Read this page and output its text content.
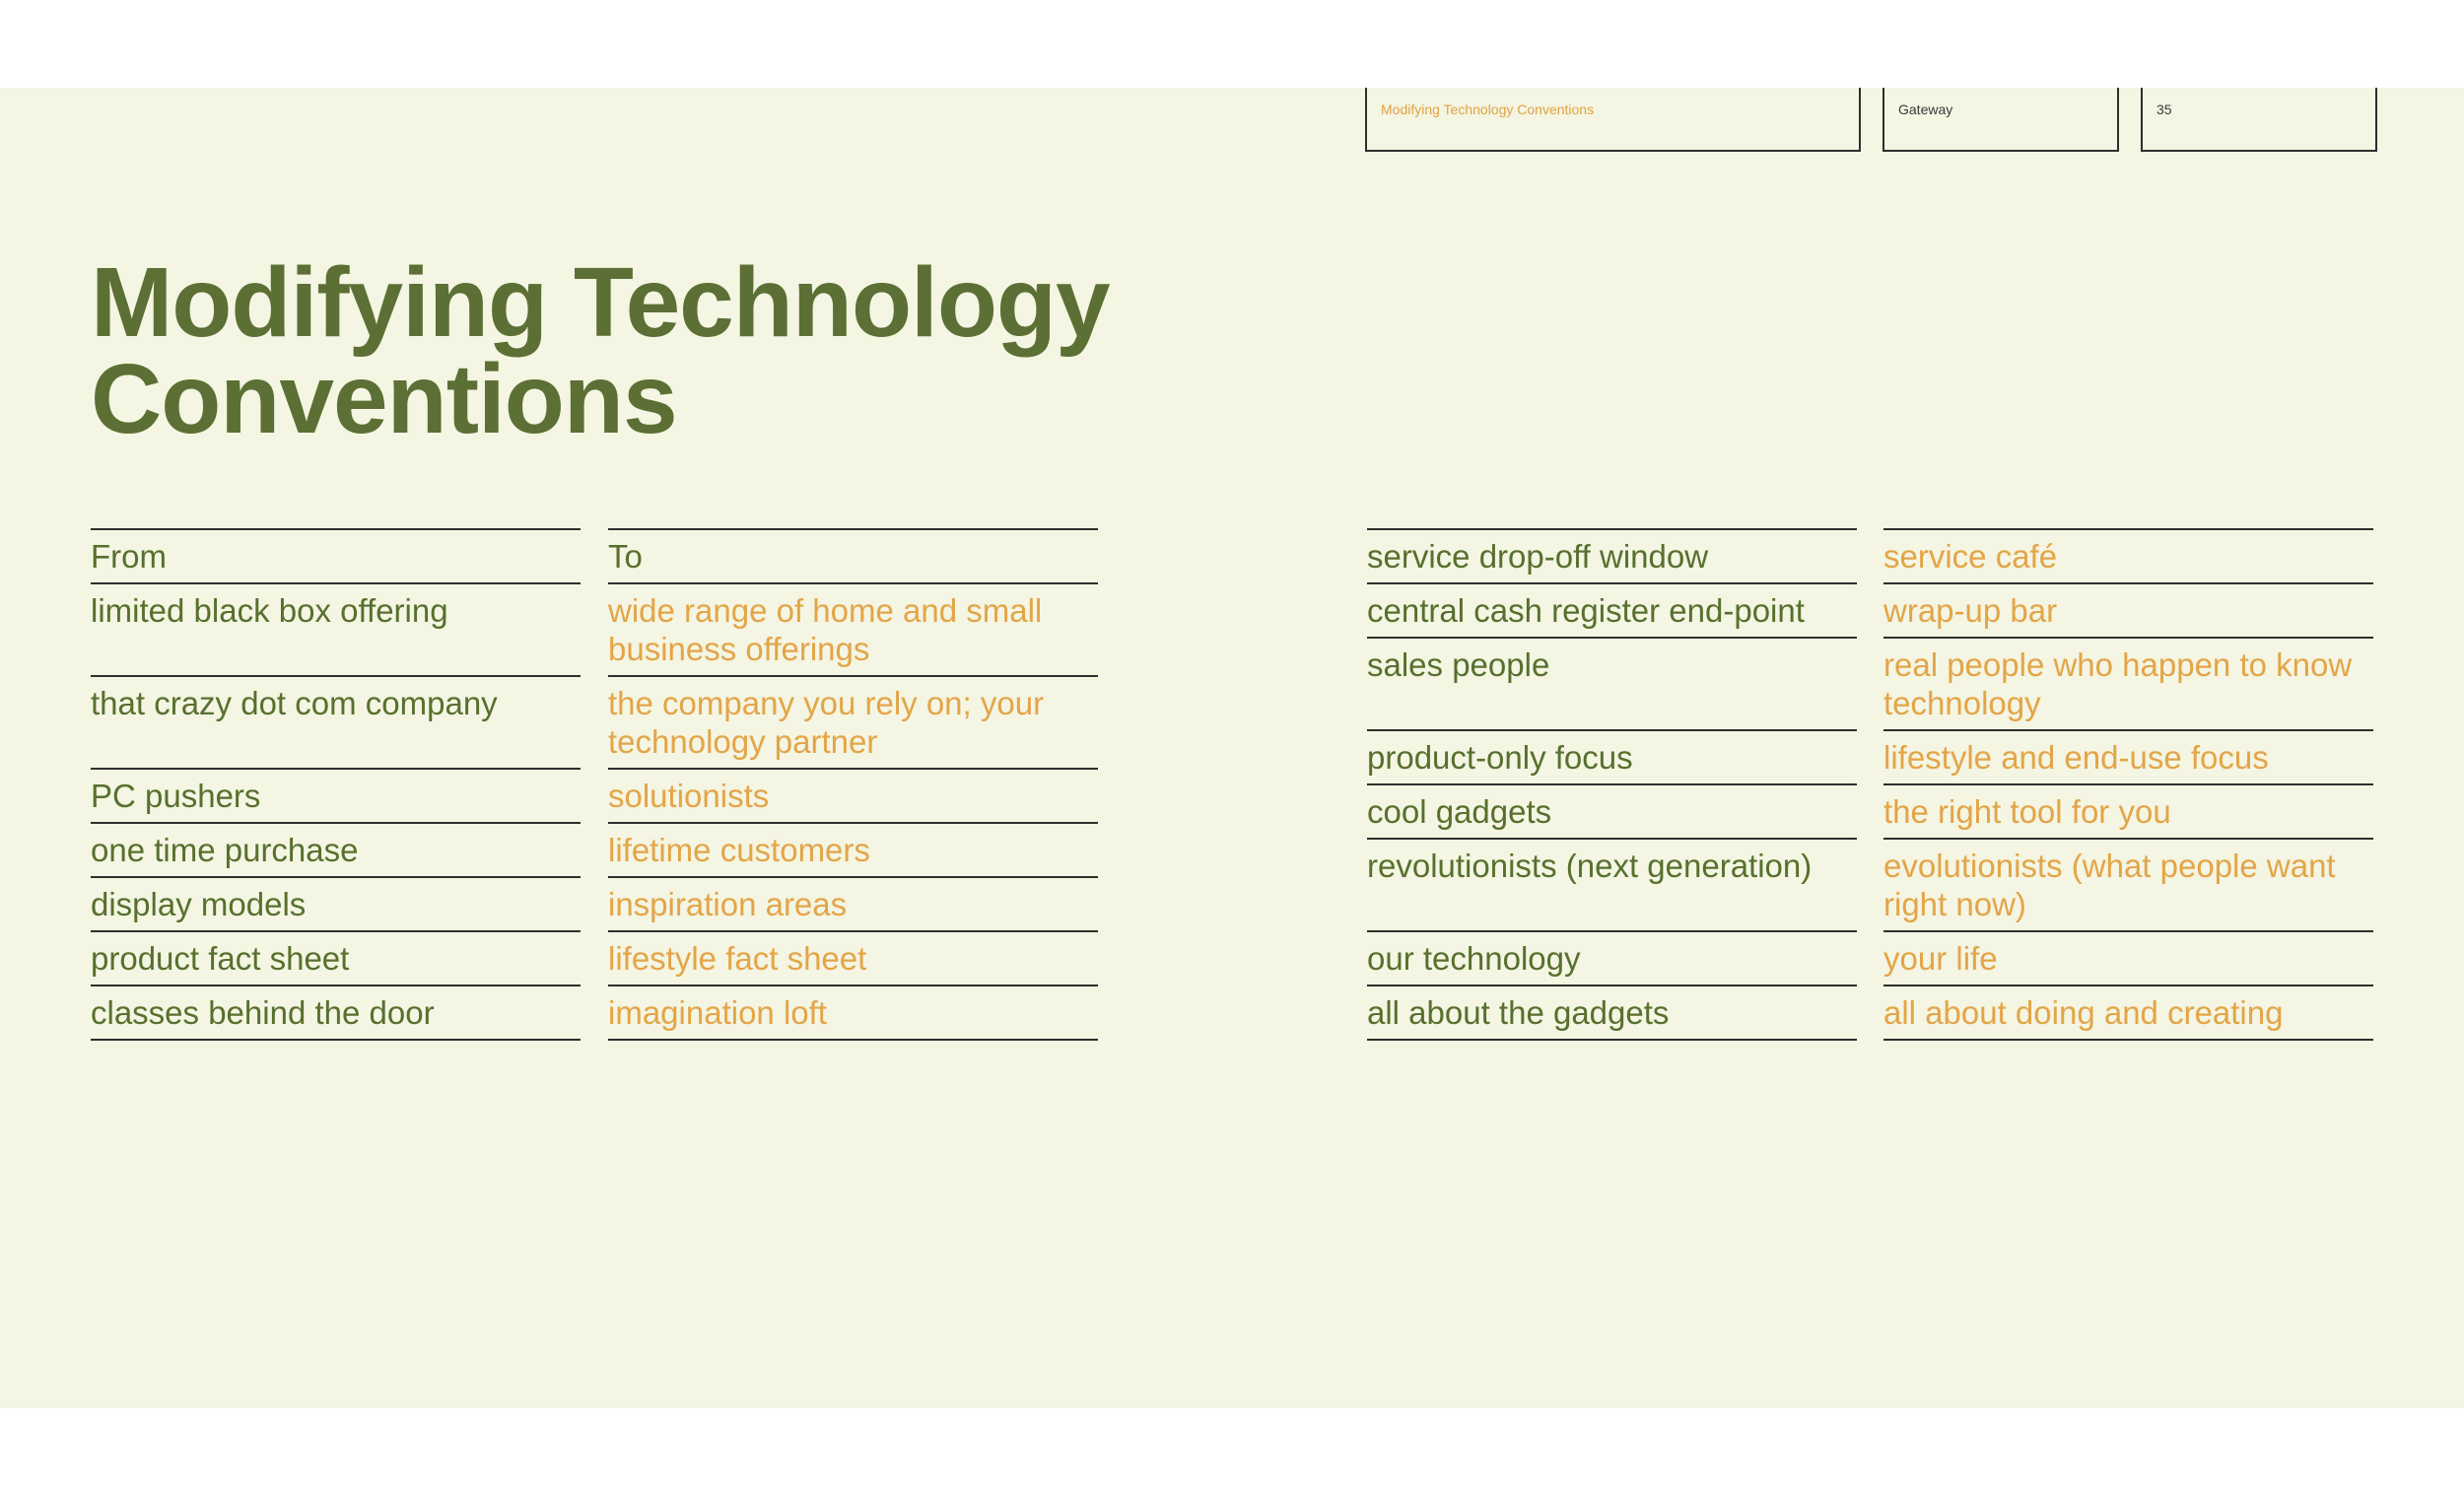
Modifying Technology Conventions	Gateway	35
Modifying Technology
Conventions
From
limited black box offering
that crazy dot com company
PC pushers
one time purchase
display models
product fact sheet
classes behind the door
To
wide range of home and small business offerings
the company you rely on; your technology partner
solutionists
lifetime customers
inspiration areas
lifestyle fact sheet
imagination loft
service drop-off window
central cash register end-point
sales people
product-only focus
cool gadgets
revolutionists (next generation)
our technology
all about the gadgets
service café
wrap-up bar
real people who happen to know technology
lifestyle and end-use focus
the right tool for you
evolutionists (what people want right now)
your life
all about doing and creating
